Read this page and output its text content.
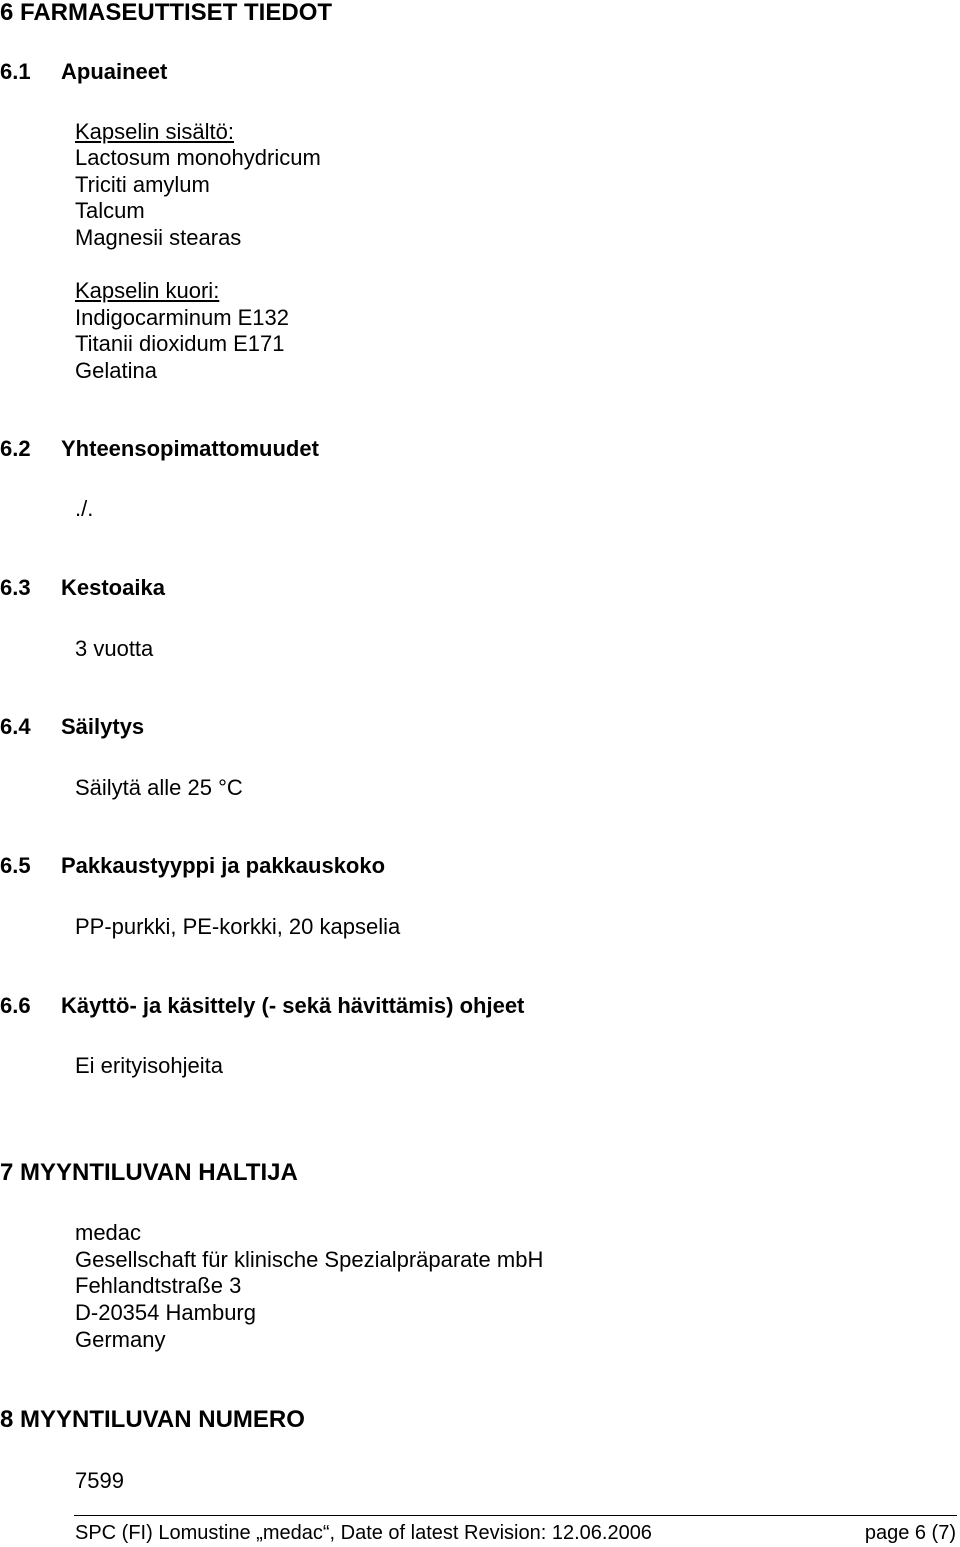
6 FARMASEUTTISET TIEDOT
6.1 Apuaineet
Kapselin sisältö:
Lactosum monohydricum
Triciti amylum
Talcum
Magnesii stearas
Kapselin kuori:
Indigocarminum E132
Titanii dioxidum E171
Gelatina
6.2 Yhteensopimattomuudet
./.
6.3 Kestoaika
3 vuotta
6.4 Säilytys
Säilytä alle 25 °C
6.5 Pakkaustyyppi ja pakkauskoko
PP-purkki, PE-korkki, 20 kapselia
6.6 Käyttö- ja käsittely (- sekä hävittämis) ohjeet
Ei erityisohjeita
7 MYYNTILUVAN HALTIJA
medac
Gesellschaft für klinische Spezialpräparate mbH
Fehlandtstraße 3
D-20354 Hamburg
Germany
8 MYYNTILUVAN NUMERO
7599
SPC (FI) Lomustine „medac“, Date of latest Revision: 12.06.2006	page 6 (7)
